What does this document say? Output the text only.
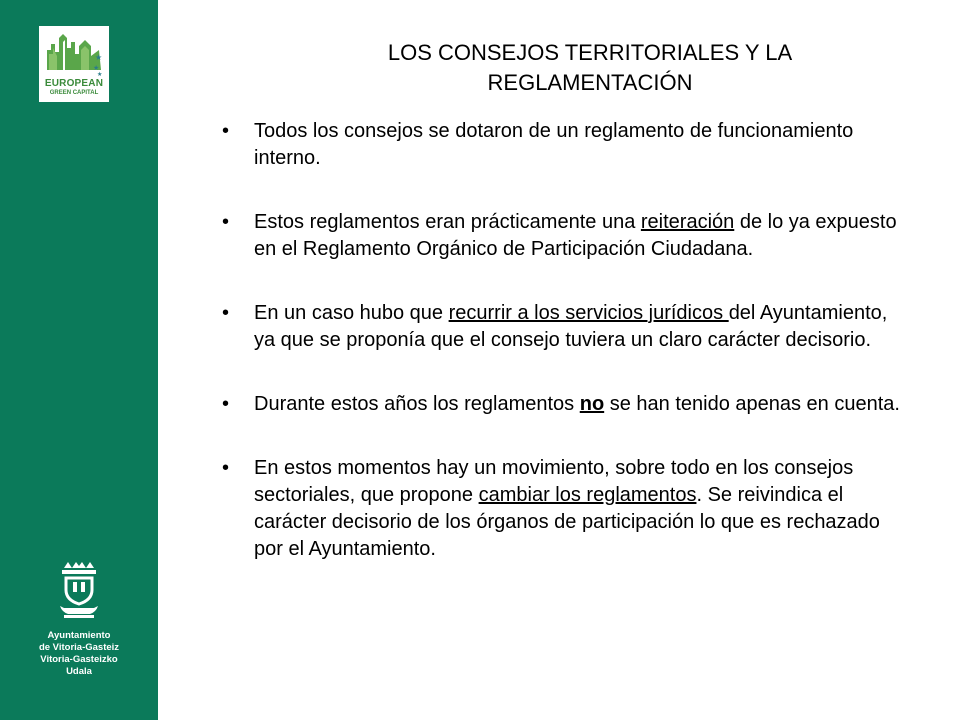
★
★
★
EUROPEAN
GREEN CAPITAL
Ayuntamiento
de Vitoria-Gasteiz
Vitoria-Gasteizko
Udala
LOS CONSEJOS TERRITORIALES Y LA
REGLAMENTACIÓN
• Todos los consejos se dotaron de un reglamento de funcionamiento interno.
• Estos reglamentos eran prácticamente una reiteración de lo ya expuesto en el Reglamento Orgánico de Participación Ciudadana.
• En un caso hubo que recurrir a los servicios jurídicos del Ayuntamiento, ya que se proponía que el consejo tuviera un claro carácter decisorio.
• Durante estos años los reglamentos no se han tenido apenas en cuenta.
• En estos momentos hay un movimiento, sobre todo en los consejos sectoriales, que propone cambiar los reglamentos. Se reivindica el carácter decisorio de los órganos de participación lo que es rechazado por el Ayuntamiento.
